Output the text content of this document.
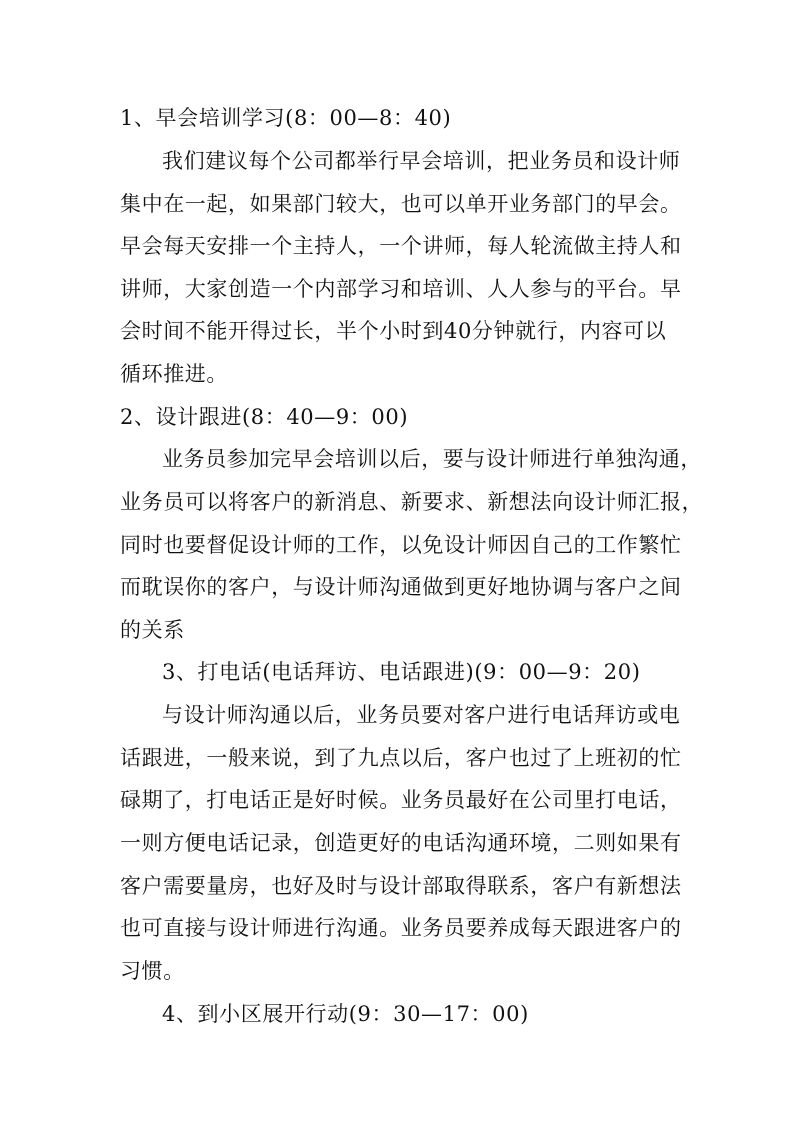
1、早会培训学习(8：00—8：40)
我们建议每个公司都举行早会培训，把业务员和设计师
集中在一起，如果部门较大，也可以单开业务部门的早会。
早会每天安排一个主持人，一个讲师，每人轮流做主持人和
讲师，大家创造一个内部学习和培训、人人参与的平台。早
会时间不能开得过长，半个小时到40分钟就行，内容可以
循环推进。
2、设计跟进(8：40—9：00)
业务员参加完早会培训以后，要与设计师进行单独沟通，
业务员可以将客户的新消息、新要求、新想法向设计师汇报，
同时也要督促设计师的工作，以免设计师因自己的工作繁忙
而耽误你的客户，与设计师沟通做到更好地协调与客户之间
的关系
3、打电话(电话拜访、电话跟进)(9：00—9：20)
与设计师沟通以后，业务员要对客户进行电话拜访或电
话跟进，一般来说，到了九点以后，客户也过了上班初的忙
碌期了，打电话正是好时候。业务员最好在公司里打电话，
一则方便电话记录，创造更好的电话沟通环境，二则如果有
客户需要量房，也好及时与设计部取得联系，客户有新想法
也可直接与设计师进行沟通。业务员要养成每天跟进客户的
习惯。
4、到小区展开行动(9：30—17：00)
